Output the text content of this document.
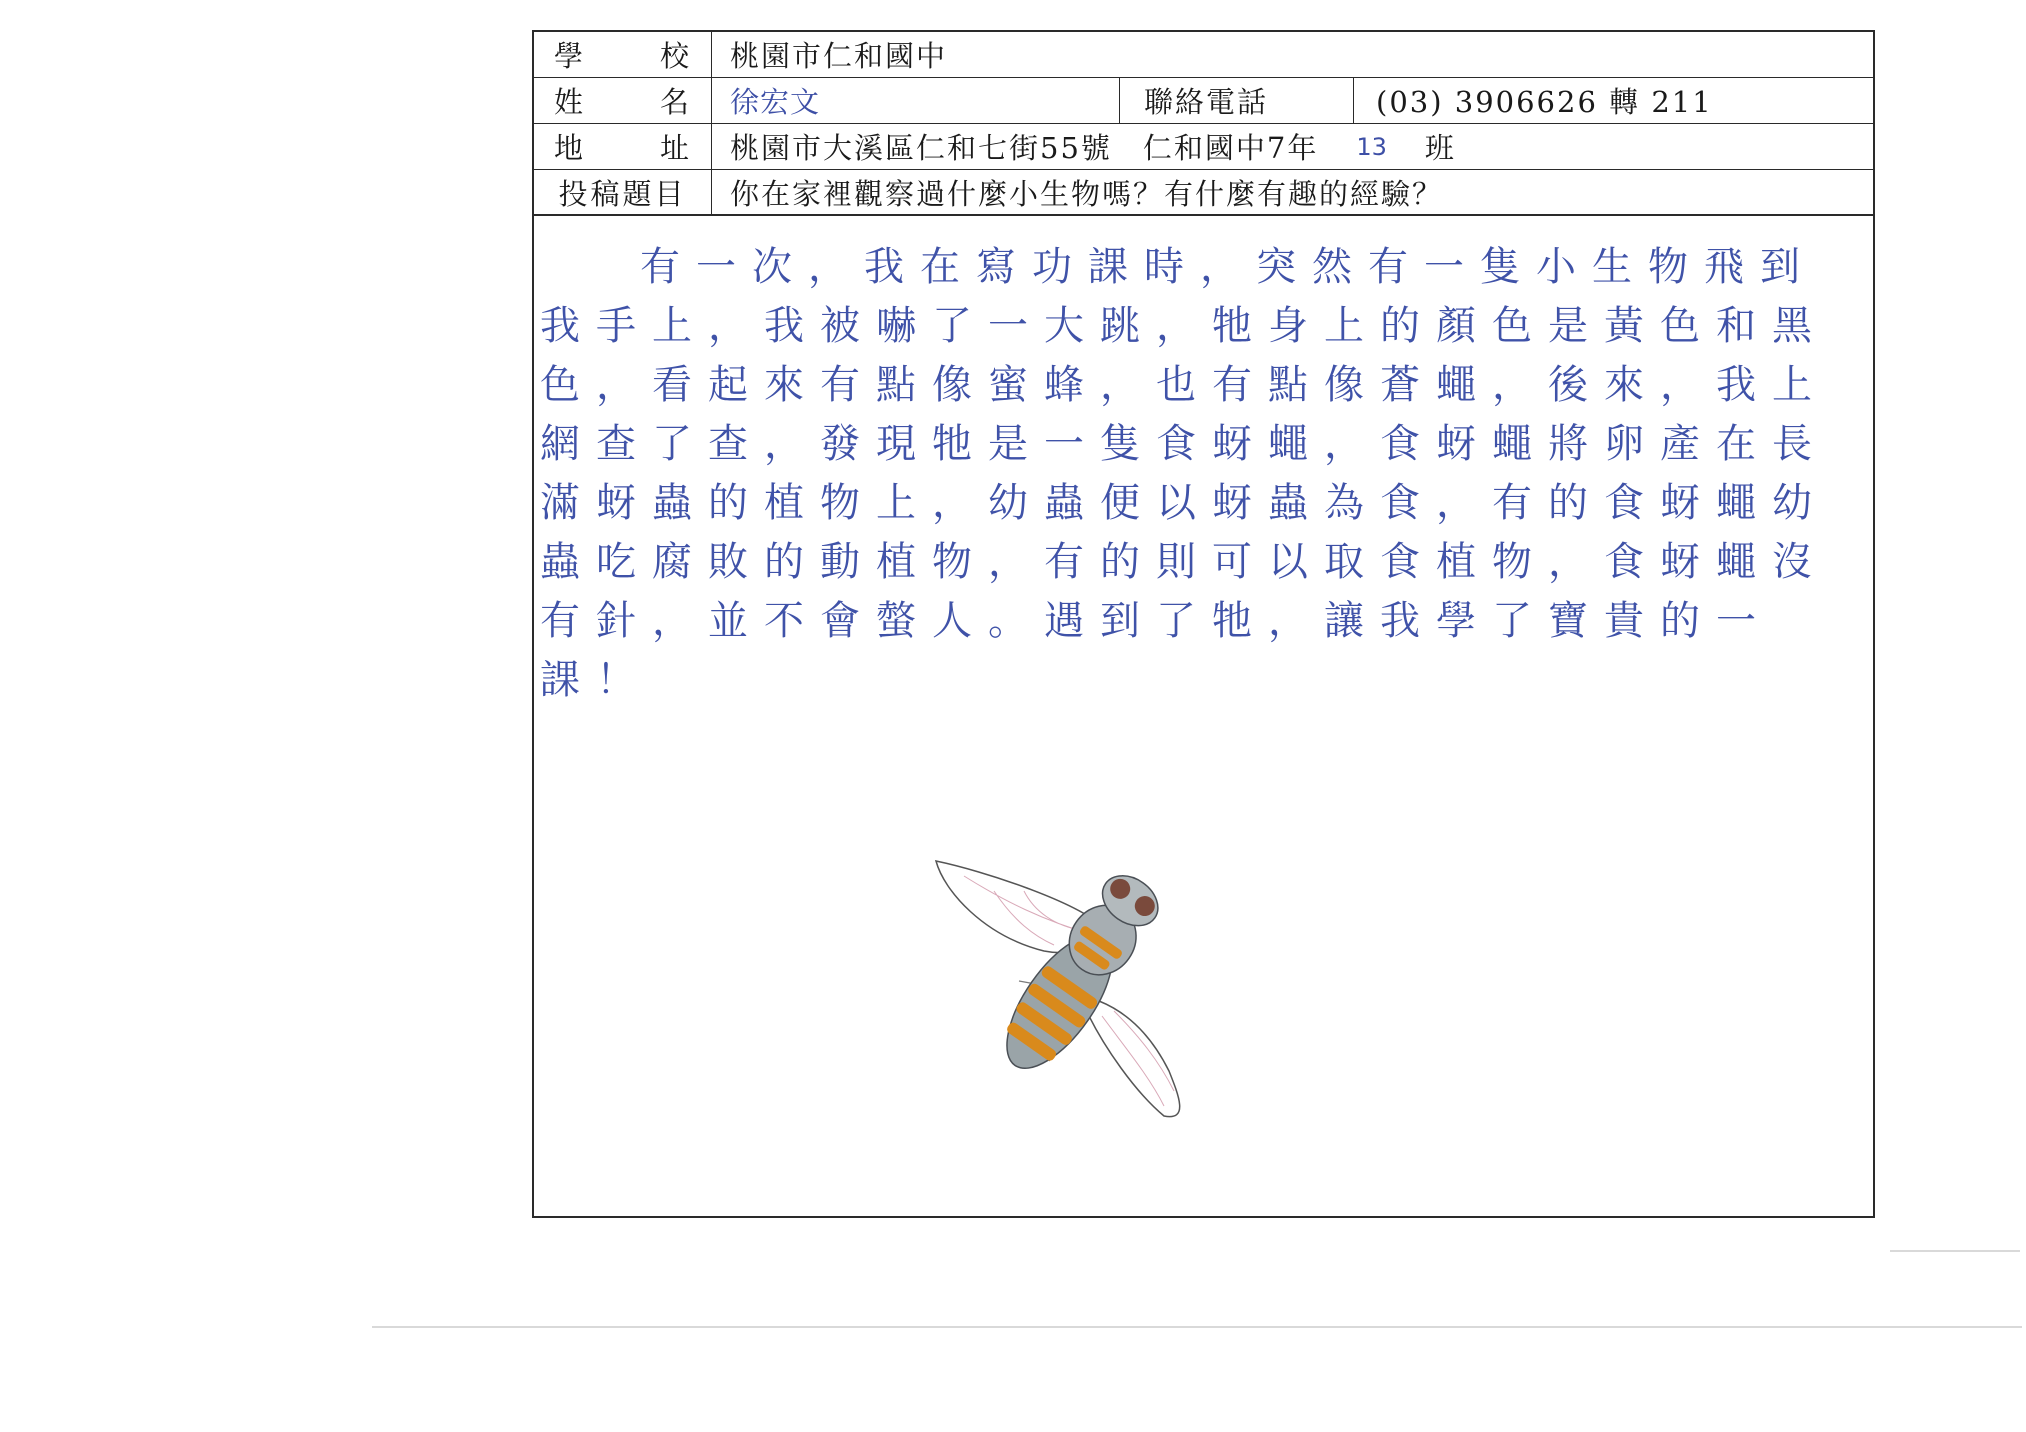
學	校	桃園市仁和國中
姓	名	徐宏文	聯絡電話	(03) 3906626 轉 211
地	址 桃園市大溪區仁和七街55號　仁和國中7年 13 班
投稿題目	你在家裡觀察過什麼小生物嗎？有什麼有趣的經驗？

有一次，我在寫功課時，突然有一隻小生物飛到我手上，我被嚇了一大跳，牠身上的顏色是黃色和黑色，看起來有點像蜜蜂，也有點像蒼蠅，後來，我上網查了查，發現牠是一隻食蚜蠅，食蚜蠅將卵產在長滿蚜蟲的植物上，幼蟲便以蚜蟲為食，有的食蚜蠅幼蟲吃腐敗的動植物，有的則可以取食植物，食蚜蠅沒有針，並不會螫人。遇到了牠，讓我學了寶貴的一課！
